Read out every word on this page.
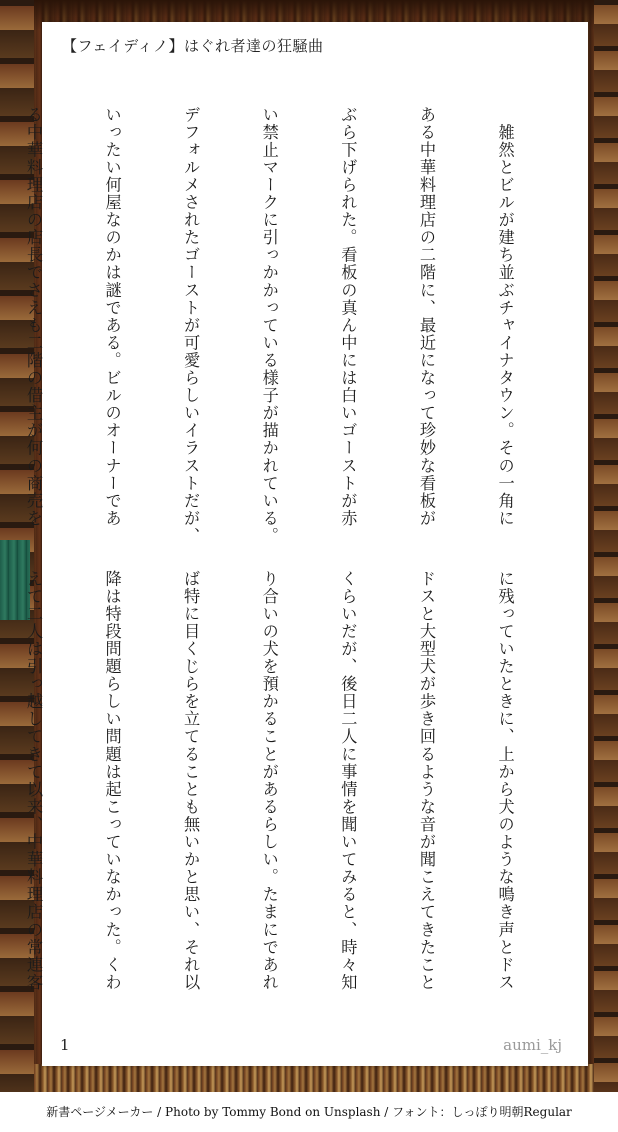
【フェイディノ】はぐれ者達の狂騒曲

　雑然とビルが建ち並ぶチャイナタウン。その一角に

ある中華料理店の二階に、最近になって珍妙な看板が

ぶら下げられた。看板の真ん中には白いゴーストが赤

い禁止マークに引っかかっている様子が描かれている。

デフォルメされたゴーストが可愛らしいイラストだが、

いったい何屋なのかは謎である。ビルのオーナーであ

る中華料理店の店長でさえも二階の借主が何の商売を

に残っていたときに、上から犬のような鳴き声とドス

ドスと大型犬が歩き回るような音が聞こえてきたこと

くらいだが、後日二人に事情を聞いてみると、時々知

り合いの犬を預かることがあるらしい。たまにであれ

ば特に目くじらを立てることも無いかと思い、それ以

降は特段問題らしい問題は起こっていなかった。くわ

えて二人は引っ越してきて以来、中華料理店の常連客

1	aumi_kj
新書ページメーカー / Photo by Tommy Bond on Unsplash / フォント：しっぽり明朝Regular
